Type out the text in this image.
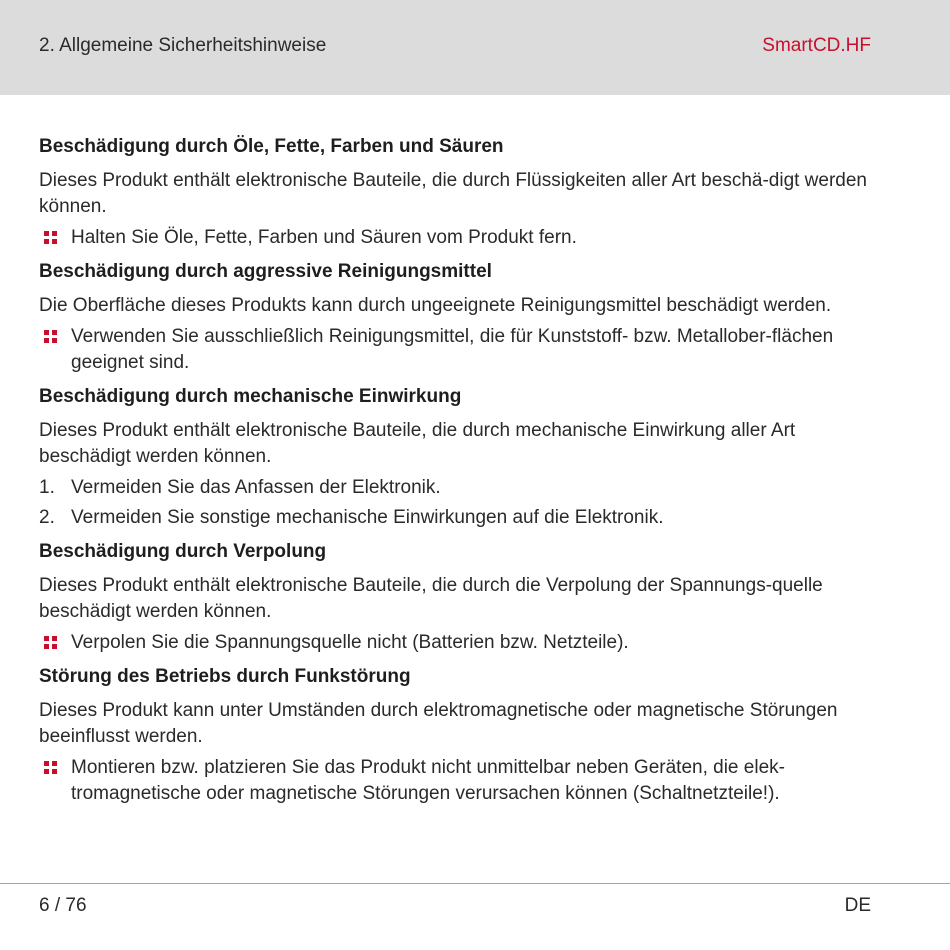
2. Allgemeine Sicherheitshinweise	SmartCD.HF
Beschädigung durch Öle, Fette, Farben und Säuren

Dieses Produkt enthält elektronische Bauteile, die durch Flüssigkeiten aller Art beschä-digt werden können.

Halten Sie Öle, Fette, Farben und Säuren vom Produkt fern.
Beschädigung durch aggressive Reinigungsmittel

Die Oberfläche dieses Produkts kann durch ungeeignete Reinigungsmittel beschädigt werden.

Verwenden Sie ausschließlich Reinigungsmittel, die für Kunststoff- bzw. Metallober-flächen geeignet sind.
Beschädigung durch mechanische Einwirkung

Dieses Produkt enthält elektronische Bauteile, die durch mechanische Einwirkung aller Art beschädigt werden können.

1. Vermeiden Sie das Anfassen der Elektronik.
2. Vermeiden Sie sonstige mechanische Einwirkungen auf die Elektronik.
Beschädigung durch Verpolung

Dieses Produkt enthält elektronische Bauteile, die durch die Verpolung der Spannungs-quelle beschädigt werden können.

Verpolen Sie die Spannungsquelle nicht (Batterien bzw. Netzteile).
Störung des Betriebs durch Funkstörung

Dieses Produkt kann unter Umständen durch elektromagnetische oder magnetische Störungen beeinflusst werden.

Montieren bzw. platzieren Sie das Produkt nicht unmittelbar neben Geräten, die elek-tromagnetische oder magnetische Störungen verursachen können (Schaltnetzteile!).
6 / 76	DE
